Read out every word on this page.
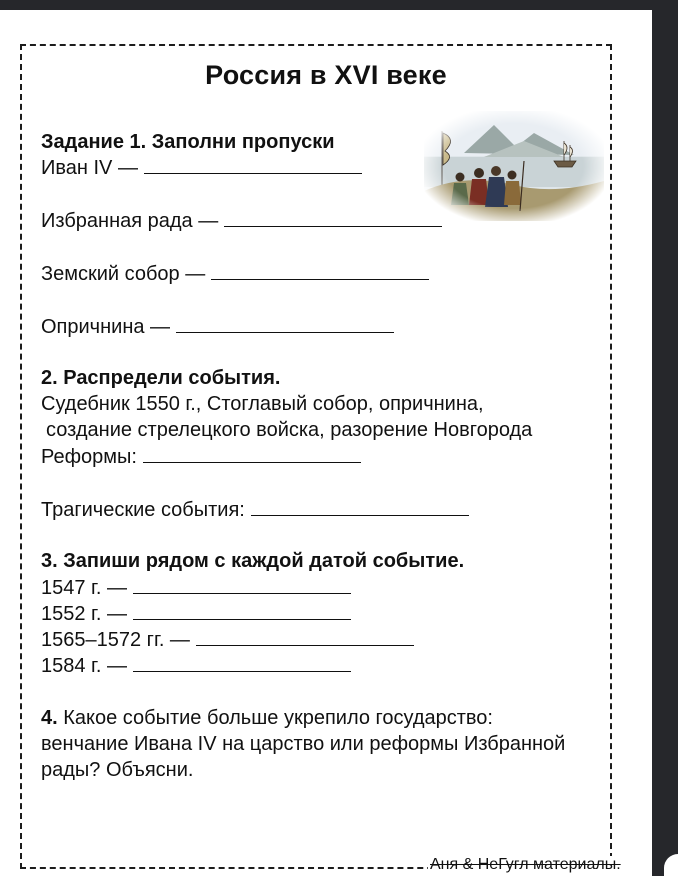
Россия в XVI веке
Задание 1. Заполни пропуски
Иван IV —
Избранная рада —
Земский собор —
Опричнина —
2. Распредели события.
Судебник 1550 г., Стоглавый собор, опричнина,
создание стрелецкого войска, разорение Новгорода
Реформы:
Трагические события:
3. Запиши рядом с каждой датой событие.
1547 г. —
1552 г. —
1565–1572 гг. —
1584 г. —
4. Какое событие больше укрепило государство:
венчание Ивана IV на царство или реформы Избранной
рады? Объясни.
Аня & НеГугл материалы.
